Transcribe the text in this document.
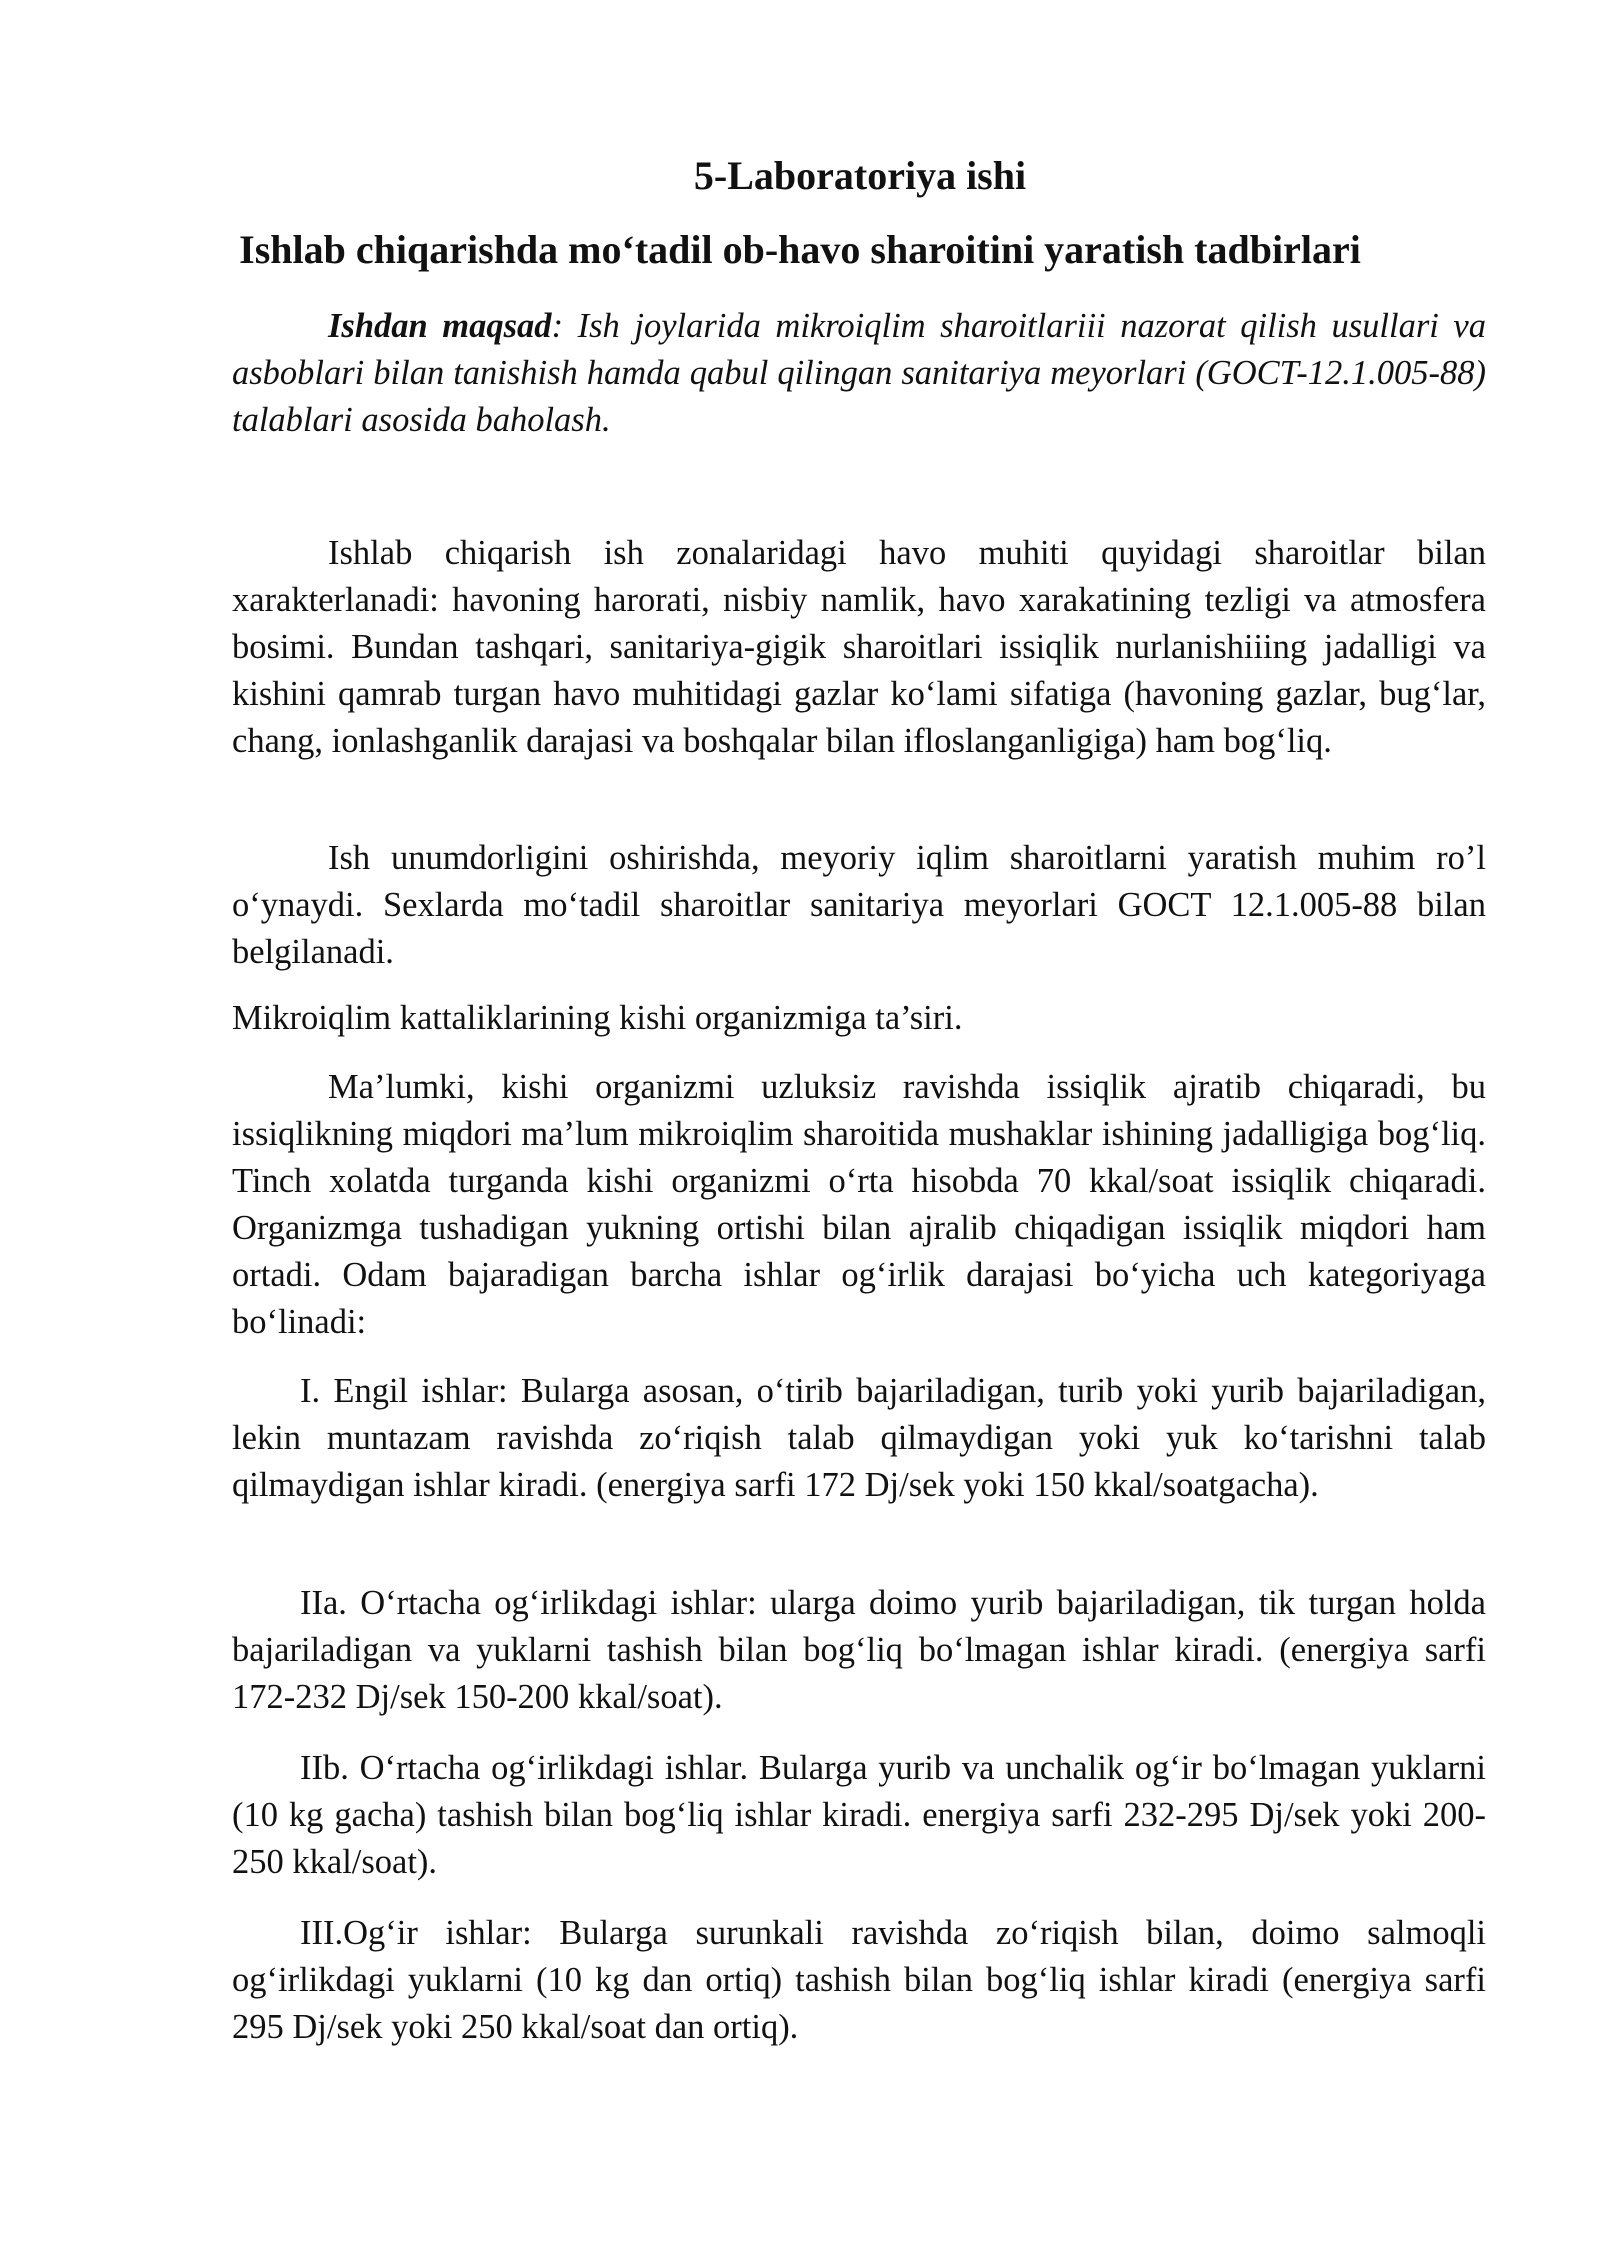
5-Laboratoriya ishi
Ishlab chiqarishda mo‘tadil ob-havo sharoitini yaratish tadbirlari

Ishdan maqsad: Ish joylarida mikroiqlim sharoitlariii nazorat qilish usullari va asboblari bilan tanishish hamda qabul qilingan sanitariya meyorlari (GOCT-12.1.005-88) talablari asosida baholash.

Ishlab chiqarish ish zonalaridagi havo muhiti quyidagi sharoitlar bilan xarakterlanadi: havoning harorati, nisbiy namlik, havo xarakatining tezligi va atmosfera bosimi. Bundan tashqari, sanitariya-gigik sharoitlari issiqlik nurlanishiiing jadalligi va kishini qamrab turgan havo muhitidagi gazlar ko‘lami sifatiga (havoning gazlar, bug‘lar, chang, ionlashganlik darajasi va boshqalar bilan ifloslanganligiga) ham bog‘liq.

Ish unumdorligini oshirishda, meyoriy iqlim sharoitlarni yaratish muhim ro’l o‘ynaydi. Sexlarda mo‘tadil sharoitlar sanitariya meyorlari GOCT 12.1.005-88 bilan belgilanadi.

Mikroiqlim kattaliklarining kishi organizmiga ta’siri.

Ma’lumki, kishi organizmi uzluksiz ravishda issiqlik ajratib chiqaradi, bu issiqlikning miqdori ma’lum mikroiqlim sharoitida mushaklar ishining jadalligiga bog‘liq. Tinch xolatda turganda kishi organizmi o‘rta hisobda 70 kkal/soat issiqlik chiqaradi. Organizmga tushadigan yukning ortishi bilan ajralib chiqadigan issiqlik miqdori ham ortadi. Odam bajaradigan barcha ishlar og‘irlik darajasi bo‘yicha uch kategoriyaga bo‘linadi:

I. Engil ishlar: Bularga asosan, o‘tirib bajariladigan, turib yoki yurib bajariladigan, lekin muntazam ravishda zo‘riqish talab qilmaydigan yoki yuk ko‘tarishni talab qilmaydigan ishlar kiradi. (energiya sarfi 172 Dj/sek yoki 150 kkal/soatgacha).

IIa. O‘rtacha og‘irlikdagi ishlar: ularga doimo yurib bajariladigan, tik turgan holda bajariladigan va yuklarni tashish bilan bog‘liq bo‘lmagan ishlar kiradi. (energiya sarfi 172-232 Dj/sek 150-200 kkal/soat).

IIb. O‘rtacha og‘irlikdagi ishlar. Bularga yurib va unchalik og‘ir bo‘lmagan yuklarni (10 kg gacha) tashish bilan bog‘liq ishlar kiradi. energiya sarfi 232-295 Dj/sek yoki 200-250 kkal/soat).

III.Og‘ir ishlar: Bularga surunkali ravishda zo‘riqish bilan, doimo salmoqli og‘irlikdagi yuklarni (10 kg dan ortiq) tashish bilan bog‘liq ishlar kiradi (energiya sarfi 295 Dj/sek yoki 250 kkal/soat dan ortiq).
